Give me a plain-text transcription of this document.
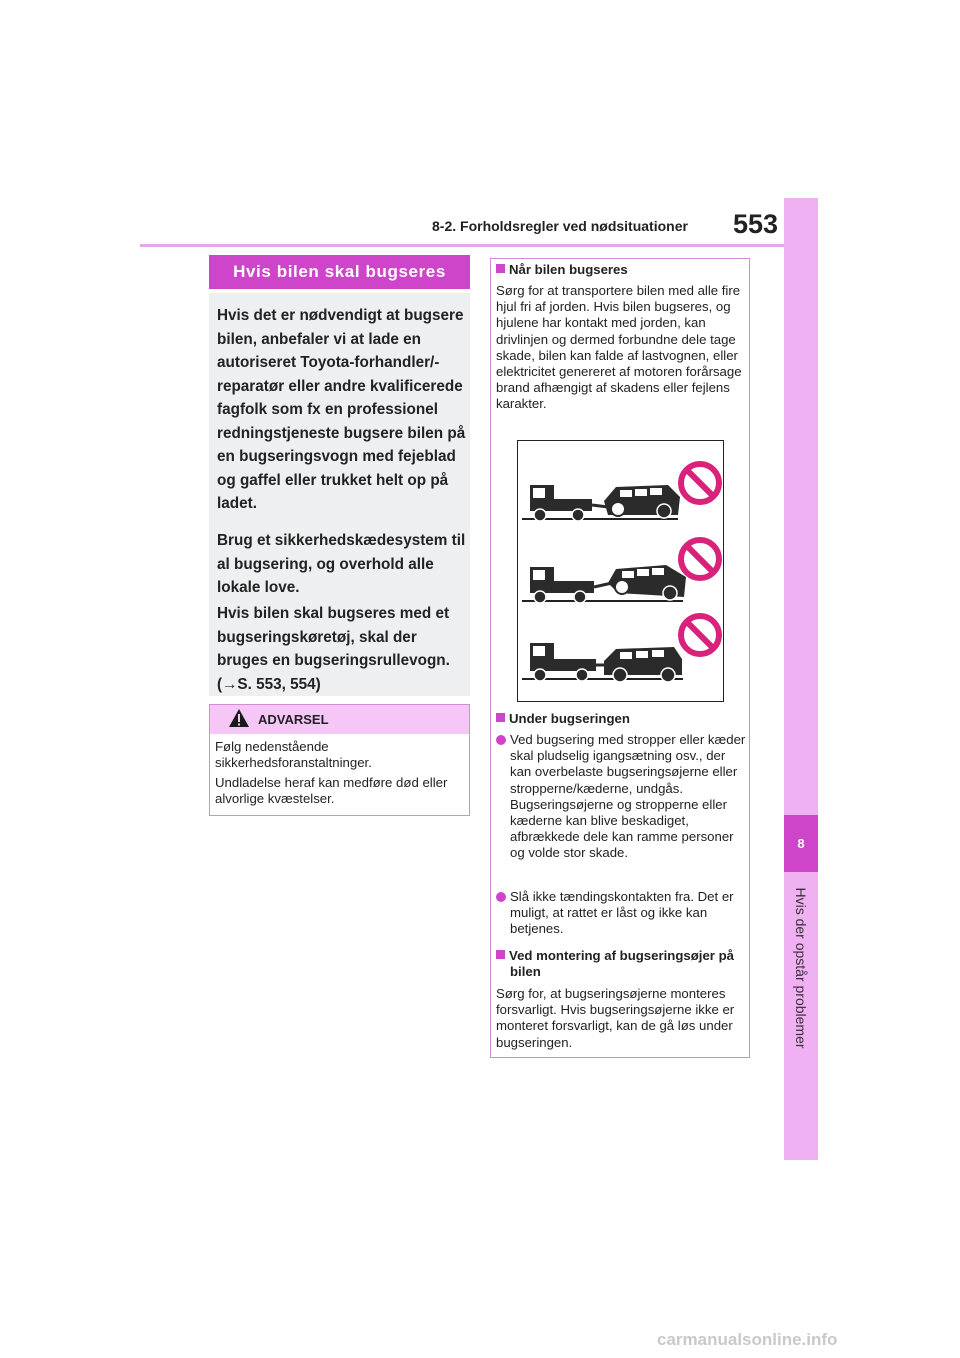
8-2. Forholdsregler ved nødsituationer 553
8
Hvis der opstår problemer
Hvis bilen skal bugseres

Hvis det er nødvendigt at bugsere bilen, anbefaler vi at lade en autoriseret Toyota-forhandler/-reparatør eller andre kvalificerede fagfolk som fx en professionel redningstjeneste bugsere bilen på en bugseringsvogn med fejeblad og gaffel eller trukket helt op på ladet.

Brug et sikkerhedskædesystem til al bugsering, og overhold alle lokale love.

Hvis bilen skal bugseres med et bugseringskøretøj, skal der bruges en bugseringsrullevogn. (→S. 553, 554)

ADVARSEL

Følg nedenstående sikkerhedsforanstaltninger.

Undladelse heraf kan medføre død eller alvorlige kvæstelser.

Når bilen bugseres

Sørg for at transportere bilen med alle fire hjul fri af jorden. Hvis bilen bugseres, og hjulene har kontakt med jorden, kan drivlinjen og dermed forbundne dele tage skade, bilen kan falde af lastvognen, eller elektricitet genereret af motoren forårsage brand afhængigt af skadens eller fejlens karakter.

Under bugseringen

Ved bugsering med stropper eller kæder skal pludselig igangsætning osv., der kan overbelaste bugseringsøjerne eller stropperne/kæderne, undgås. Bugseringsøjerne og stropperne eller kæderne kan blive beskadiget, afbrækkede dele kan ramme personer og volde stor skade.

Slå ikke tændingskontakten fra. Det er muligt, at rattet er låst og ikke kan betjenes.

Ved montering af bugseringsøjer på bilen

Sørg for, at bugseringsøjerne monteres forsvarligt. Hvis bugseringsøjerne ikke er monteret forsvarligt, kan de gå løs under bugseringen.

carmanualsonline.info
